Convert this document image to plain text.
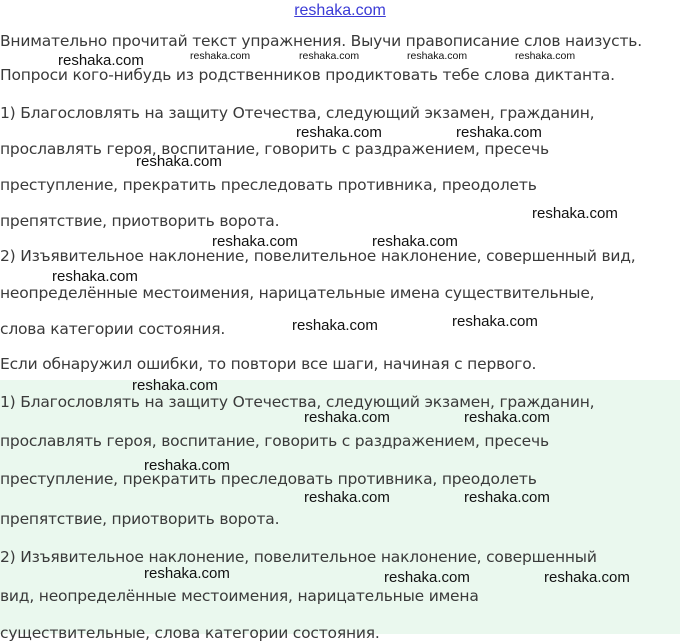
reshaka.com
Внимательно прочитай текст упражнения. Выучи правописание слов наизусть.
Попроси кого-нибудь из родственников продиктовать тебе слова диктанта.
1) Благословлять на защиту Отечества, следующий экзамен, гражданин,
прославлять героя, воспитание, говорить с раздражением, пресечь
преступление, прекратить преследовать противника, преодолеть
препятствие, приотворить ворота.
2) Изъявительное наклонение, повелительное наклонение, совершенный вид,
неопределённые местоимения, нарицательные имена существительные,
слова категории состояния.
Если обнаружил ошибки, то повтори все шаги, начиная с первого.
1) Благословлять на защиту Отечества, следующий экзамен, гражданин,
прославлять героя, воспитание, говорить с раздражением, пресечь
преступление, прекратить преследовать противника, преодолеть
препятствие, приотворить ворота.
2) Изъявительное наклонение, повелительное наклонение, совершенный
вид, неопределённые местоимения, нарицательные имена
существительные, слова категории состояния.
reshaka.com	reshaka.com	reshaka.com	reshaka.com	reshaka.com
reshaka.com	reshaka.com
reshaka.com
reshaka.com
reshaka.com	reshaka.com
reshaka.com
reshaka.com	reshaka.com
reshaka.com
reshaka.com	reshaka.com
reshaka.com
reshaka.com	reshaka.com
reshaka.com	reshaka.com	reshaka.com
